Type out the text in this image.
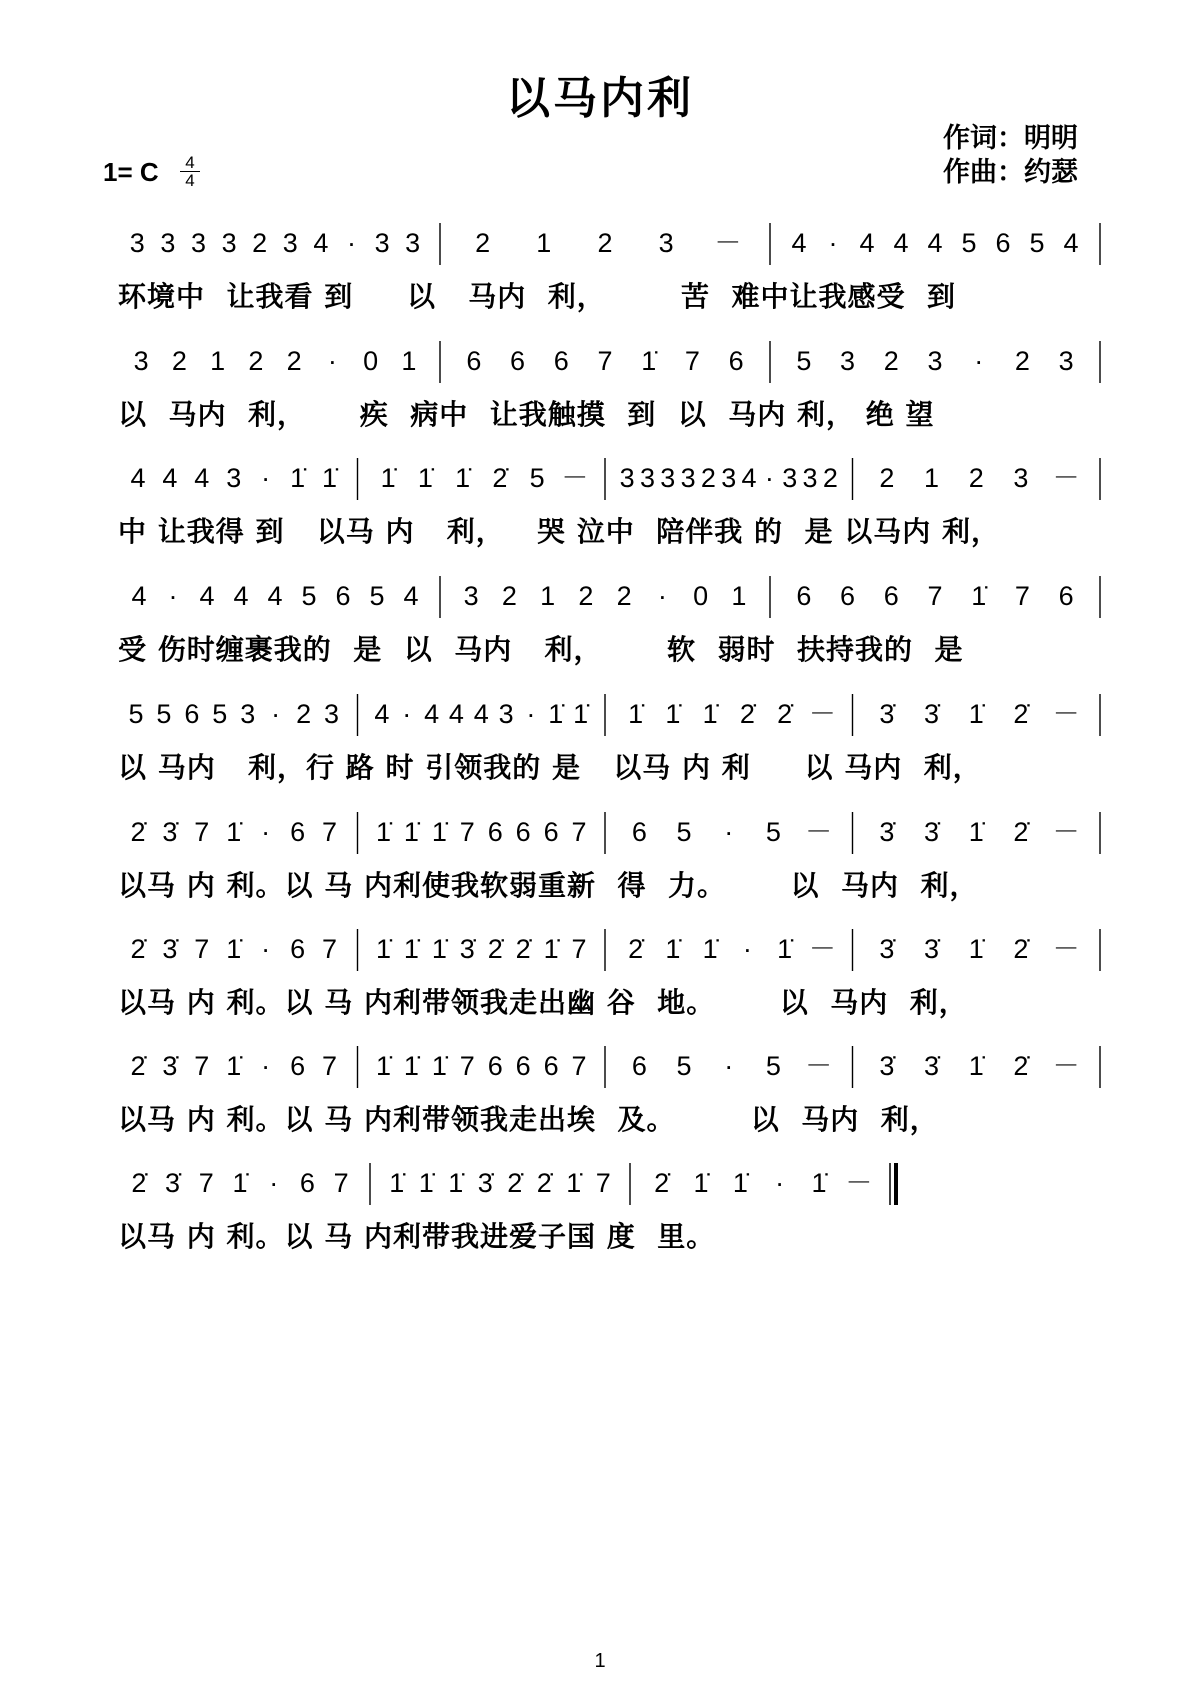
以马内利
作词：明明
作曲：约瑟
1= C	4
4
3 3 3 3 2 3 4 · 3 3 2 1 2 3 － 4 · 4 4 4 5 6 5 4
环境中  让我看 到     以   马内  利，       苦  难中让我感受  到
3 2 1 2 2 · 0 1 6 6 6 7 1̇ 7 6 5 3 2 3	·	2 3
以  马内  利，     疾  病中  让我触摸  到  以  马内 利， 绝 望
4 4 4 3 · 1̇ 1̇ 1̇ 1̇ 1̇ 2̇ 5 － 3 3 3 3 2 3 4 · 3 3 2 2 1 2 3 －
中 让我得 到   以马 内   利，   哭 泣中  陪伴我 的  是 以马内 利，
4 · 4 4 4 5 6 5 4 3 2 1 2 2 · 0 1 6 6 6 7 1̇ 7 6
受 伤时缠裹我的  是  以  马内   利，      软  弱时  扶持我的  是
5 5 6 5 3 · 2 3 4 · 4 4 4 3 · 1̇ 1̇ 1̇ 1̇ 1̇ 2̇ 2̇ － 3̇ 3̇ 1̇ 2̇ －
以 马内   利，行 路 时 引领我的 是   以马 内 利     以 马内  利，
2̇ 3̇ 7 1̇ · 6 7 1̇ 1̇ 1̇ 7 6 6 6 7 6 5	·	5 － 3̇ 3̇ 1̇ 2̇ －
以马 内 利。以 马 内利使我软弱重新  得  力。      以  马内  利，
2̇ 3̇ 7 1̇ · 6 7 1̇ 1̇ 1̇ 3̇ 2̇ 2̇ 1̇ 7 2̇ 1̇ 1̇ · 1̇ － 3̇ 3̇ 1̇ 2̇ －
以马 内 利。以 马 内利带领我走出幽 谷  地。      以  马内  利，
2̇ 3̇ 7 1̇ · 6 7 1̇ 1̇ 1̇ 7 6 6 6 7 6 5	·	5 － 3̇ 3̇ 1̇ 2̇ －
以马 内 利。以 马 内利带领我走出埃  及。       以  马内  利，
2̇ 3̇ 7 1̇ · 6 7 1̇ 1̇ 1̇ 3̇ 2̇ 2̇ 1̇ 7 2̇ 1̇ 1̇	·	1̇ －
以马 内 利。以 马 内利带我进爱子国 度  里。
1
